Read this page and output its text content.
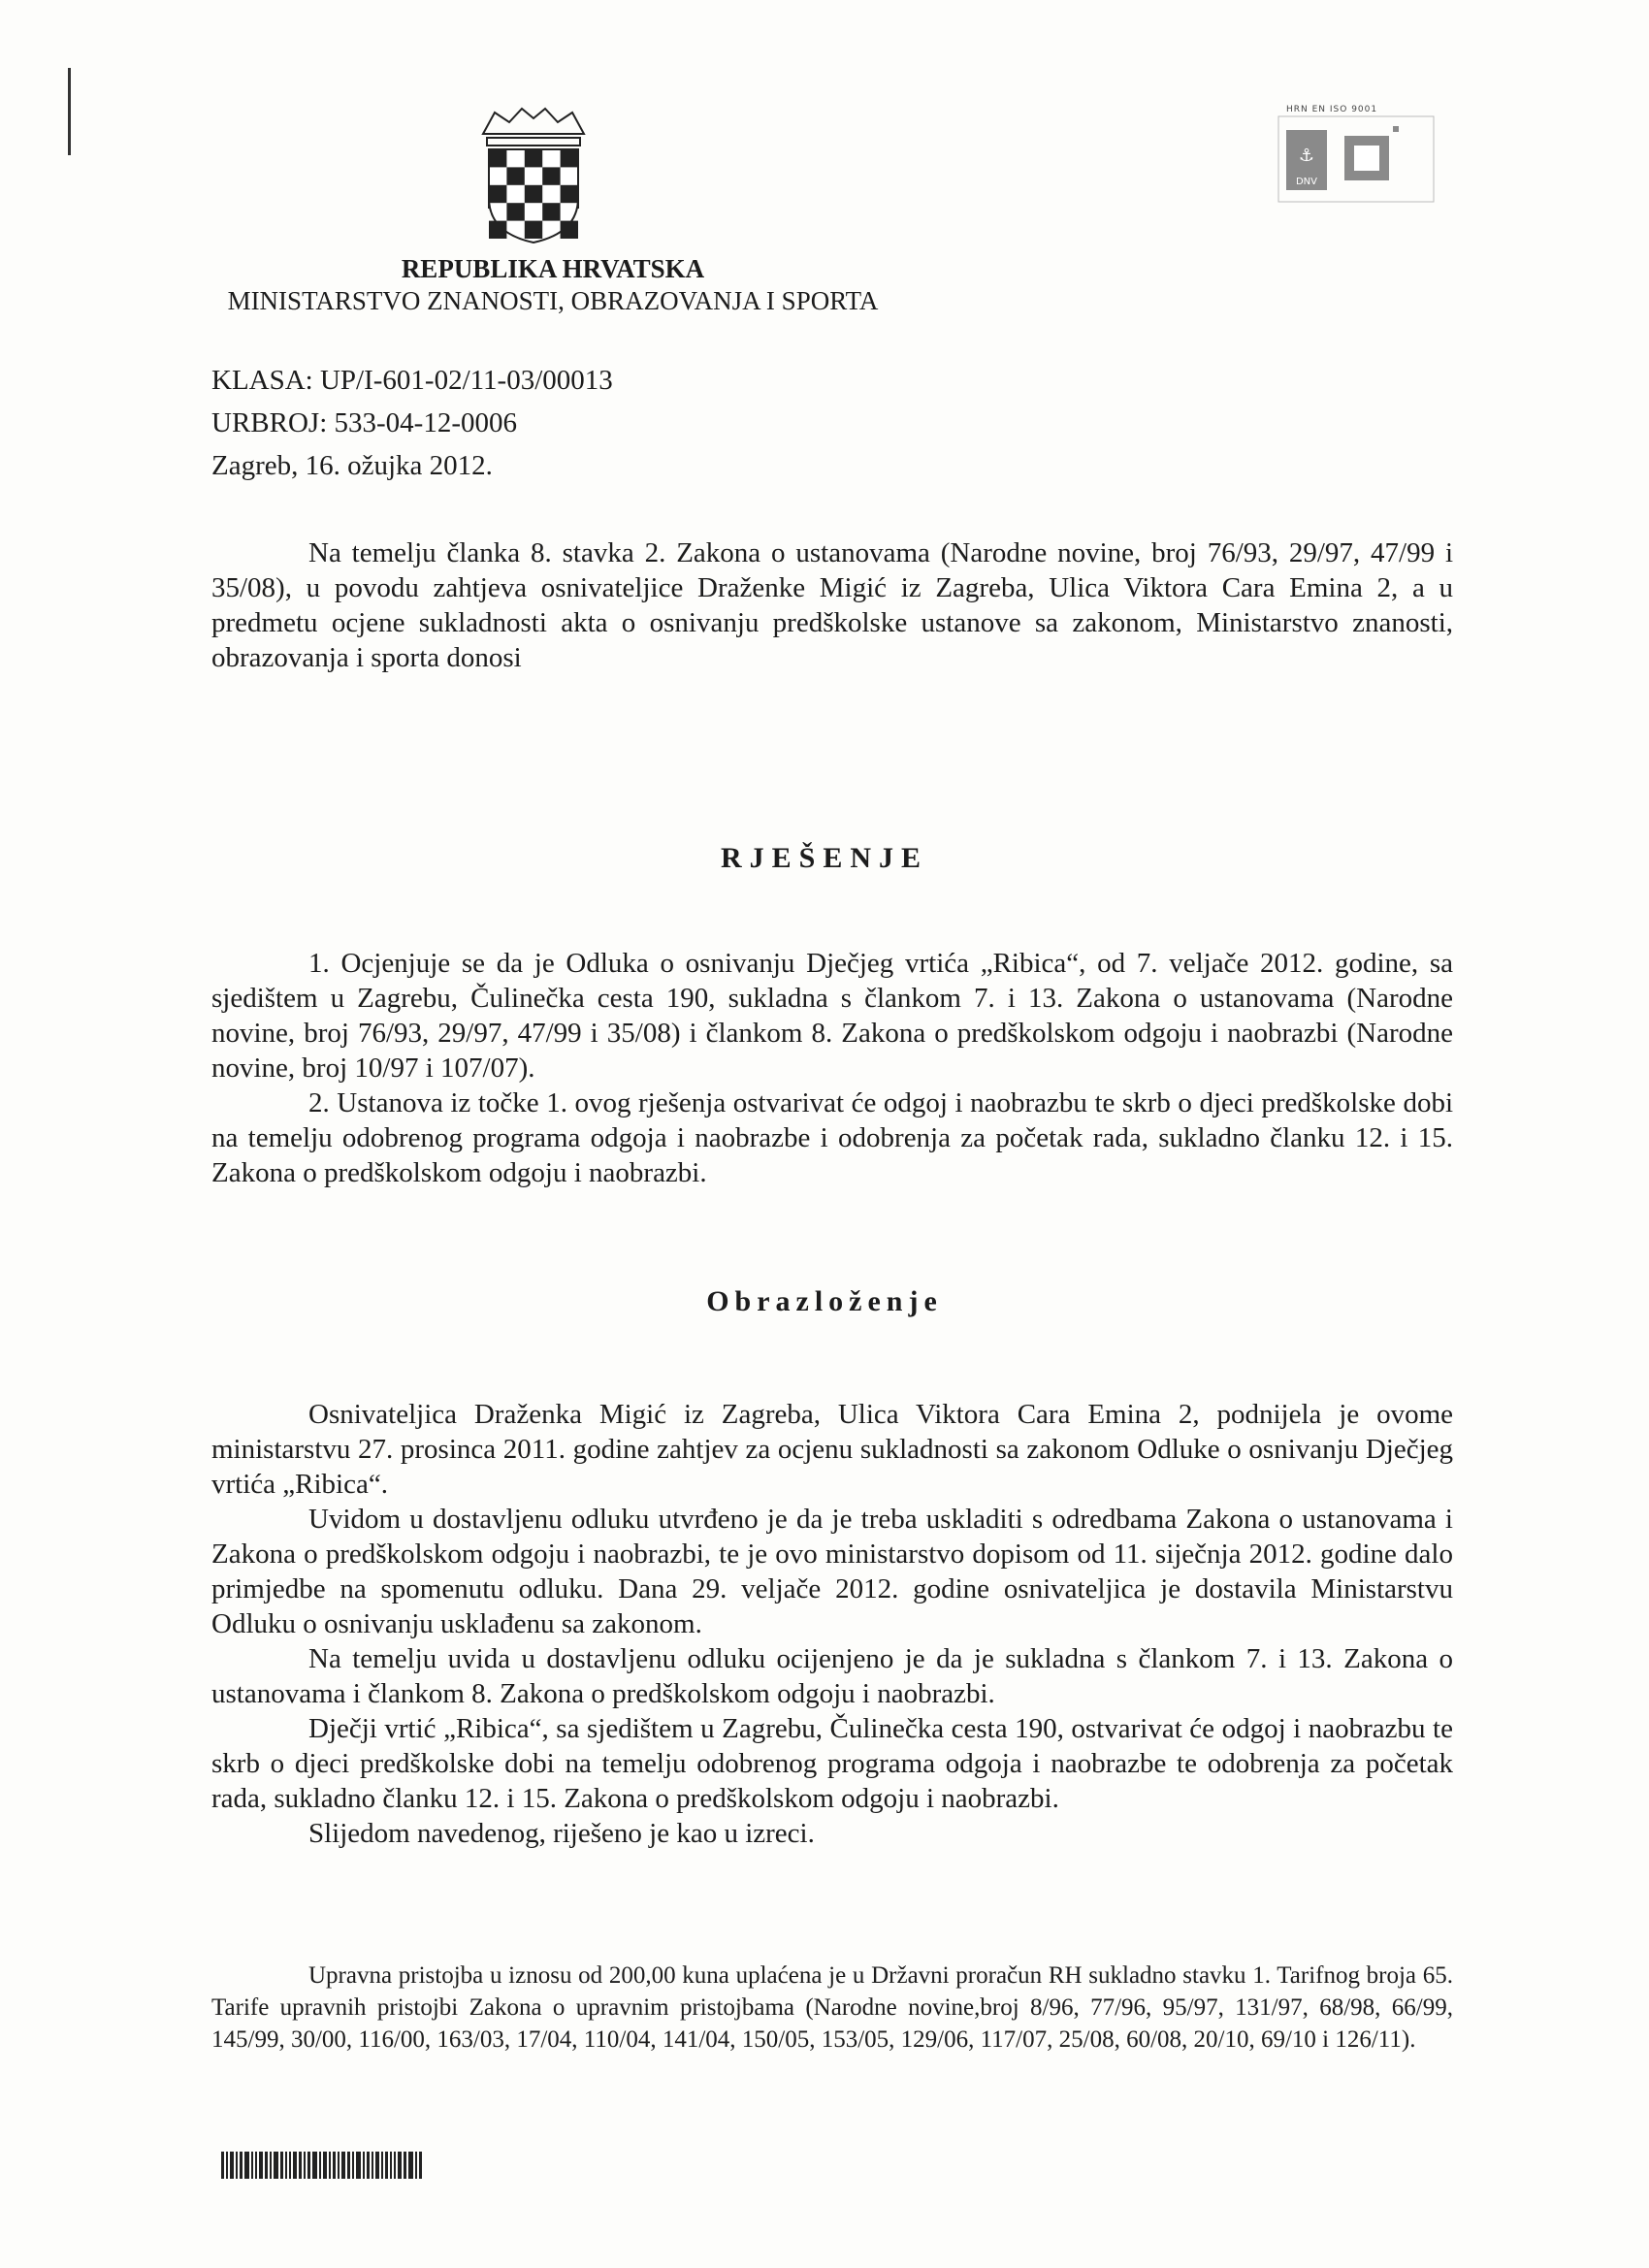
HRN EN ISO 9001
⚓
DNV
REPUBLIKA HRVATSKA
MINISTARSTVO ZNANOSTI, OBRAZOVANJA I SPORTA
KLASA: UP/I-601-02/11-03/00013
URBROJ: 533-04-12-0006
Zagreb, 16. ožujka 2012.

Na temelju članka 8. stavka 2. Zakona o ustanovama (Narodne novine, broj 76/93, 29/97, 47/99 i 35/08), u povodu zahtjeva osnivateljice Draženke Migić iz Zagreba, Ulica Viktora Cara Emina 2, a u predmetu ocjene sukladnosti akta o osnivanju predškolske ustanove sa zakonom, Ministarstvo znanosti, obrazovanja i sporta donosi

RJEŠENJE

1. Ocjenjuje se da je Odluka o osnivanju Dječjeg vrtića „Ribica“, od 7. veljače 2012. godine, sa sjedištem u Zagrebu, Čulinečka cesta 190, sukladna s člankom 7. i 13. Zakona o ustanovama (Narodne novine, broj 76/93, 29/97, 47/99 i 35/08) i člankom 8. Zakona o predškolskom odgoju i naobrazbi (Narodne novine, broj 10/97 i 107/07).

2. Ustanova iz točke 1. ovog rješenja ostvarivat će odgoj i naobrazbu te skrb o djeci predškolske dobi na temelju odobrenog programa odgoja i naobrazbe i odobrenja za početak rada, sukladno članku 12. i 15. Zakona o predškolskom odgoju i naobrazbi.

Obrazloženje

Osnivateljica Draženka Migić iz Zagreba, Ulica Viktora Cara Emina 2, podnijela je ovome ministarstvu 27. prosinca 2011. godine zahtjev za ocjenu sukladnosti sa zakonom Odluke o osnivanju Dječjeg vrtića „Ribica“.

Uvidom u dostavljenu odluku utvrđeno je da je treba uskladiti s odredbama Zakona o ustanovama i Zakona o predškolskom odgoju i naobrazbi, te je ovo ministarstvo dopisom od 11. siječnja 2012. godine dalo primjedbe na spomenutu odluku. Dana 29. veljače 2012. godine osnivateljica je dostavila Ministarstvu Odluku o osnivanju usklađenu sa zakonom.

Na temelju uvida u dostavljenu odluku ocijenjeno je da je sukladna s člankom 7. i 13. Zakona o ustanovama i člankom 8. Zakona o predškolskom odgoju i naobrazbi.

Dječji vrtić „Ribica“, sa sjedištem u Zagrebu, Čulinečka cesta 190, ostvarivat će odgoj i naobrazbu te skrb o djeci predškolske dobi na temelju odobrenog programa odgoja i naobrazbe te odobrenja za početak rada, sukladno članku 12. i 15. Zakona o predškolskom odgoju i naobrazbi.

Slijedom navedenog, riješeno je kao u izreci.

Upravna pristojba u iznosu od 200,00 kuna uplaćena je u Državni proračun RH sukladno stavku 1. Tarifnog broja 65. Tarife upravnih pristojbi Zakona o upravnim pristojbama (Narodne novine,broj 8/96, 77/96, 95/97, 131/97, 68/98, 66/99, 145/99, 30/00, 116/00, 163/03, 17/04, 110/04, 141/04, 150/05, 153/05, 129/06, 117/07, 25/08, 60/08, 20/10, 69/10 i 126/11).
